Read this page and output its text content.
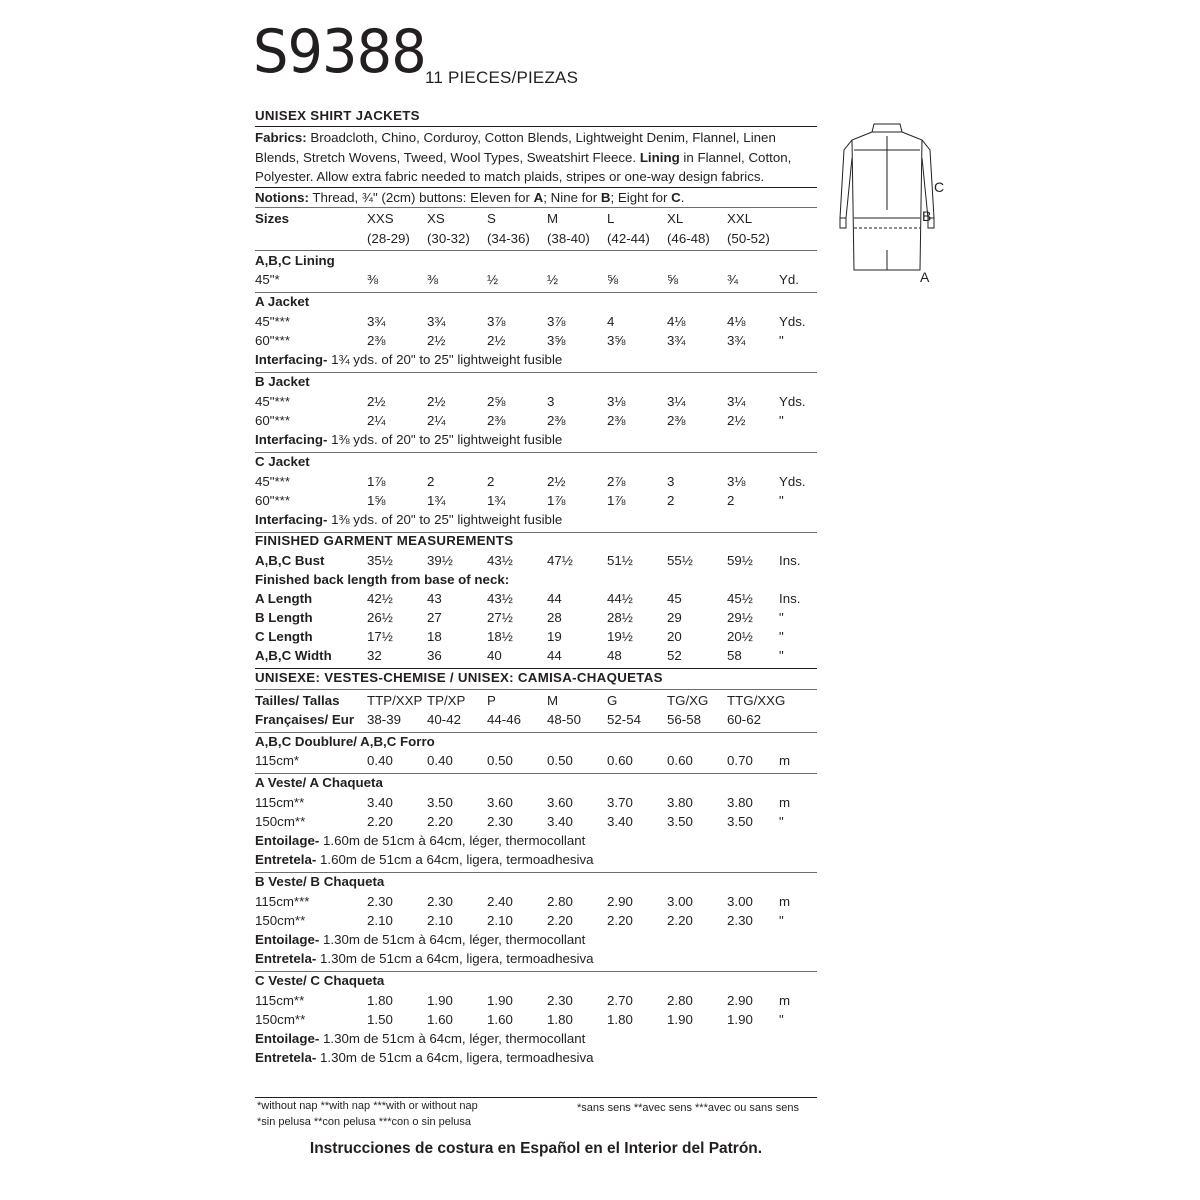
S9388 11 PIECES/PIEZAS
UNISEX SHIRT JACKETS
Fabrics: Broadcloth, Chino, Corduroy, Cotton Blends, Lightweight Denim, Flannel, Linen Blends, Stretch Wovens, Tweed, Wool Types, Sweatshirt Fleece. Lining in Flannel, Cotton, Polyester. Allow extra fabric needed to match plaids, stripes or one-way design fabrics.
Notions: Thread, ¾" (2cm) buttons: Eleven for A; Nine for B; Eight for C.
Sizes	XXS	XS	S	M	L	XL	XXL
(28-29) (30-32) (34-36) (38-40) (42-44) (46-48) (50-52)
A,B,C Lining
45"*	⅜	⅜	½	½	⅝	⅝	¾	Yd.
A Jacket
45"***	3¾	3¾	3⅞	3⅞	4	4⅛	4⅛	Yds.
60"***	2⅜	2½	2½	3⅝	3⅝	3¾	3¾	"
Interfacing- 1¾ yds. of 20" to 25" lightweight fusible
B Jacket
45"***	2½	2½	2⅝	3	3⅛	3¼	3¼	Yds.
60"***	2¼	2¼	2⅜	2⅜	2⅜	2⅜	2½	"
Interfacing- 1⅜ yds. of 20" to 25" lightweight fusible
C Jacket
45"***	1⅞	2	2	2½	2⅞	3	3⅛	Yds.
60"***	1⅝	1¾	1¾	1⅞	1⅞	2	2	"
Interfacing- 1⅜ yds. of 20" to 25" lightweight fusible
FINISHED GARMENT MEASUREMENTS
A,B,C Bust	35½	39½	43½	47½	51½	55½	59½ Ins.
Finished back length from base of neck:
A Length	42½	43	43½	44	44½	45	45½ Ins.
B Length	26½	27	27½	28	28½	29	29½ "
C Length	17½	18	18½	19	19½	20	20½ "
A,B,C Width	32	36	40	44	48	52	58	"
UNISEXE: VESTES-CHEMISE / UNISEX: CAMISA-CHAQUETAS
Tailles/ Tallas TTP/XXP TP/XP P	M	G	TG/XG TTG/XXG
Françaises/ Eur 38-39 40-42 44-46 48-50 52-54 56-58 60-62
A,B,C Doublure/ A,B,C Forro
115cm*	0.40	0.40	0.50	0.50	0.60	0.60	0.70 m
A Veste/ A Chaqueta
115cm**	3.40	3.50	3.60	3.60	3.70	3.80	3.80 m
150cm**	2.20	2.20	2.30	3.40	3.40	3.50	3.50 "
Entoilage- 1.60m de 51cm à 64cm, léger, thermocollant
Entretela- 1.60m de 51cm a 64cm, ligera, termoadhesiva
B Veste/ B Chaqueta
115cm***	2.30	2.30	2.40	2.80	2.90	3.00	3.00 m
150cm**	2.10	2.10	2.10	2.20	2.20	2.20	2.30 "
Entoilage- 1.30m de 51cm à 64cm, léger, thermocollant
Entretela- 1.30m de 51cm a 64cm, ligera, termoadhesiva
C Veste/ C Chaqueta
115cm**	1.80	1.90	1.90	2.30	2.70	2.80	2.90 m
150cm**	1.50	1.60	1.60	1.80	1.80	1.90	1.90 "
Entoilage- 1.30m de 51cm à 64cm, léger, thermocollant
Entretela- 1.30m de 51cm a 64cm, ligera, termoadhesiva
*without nap **with nap ***with or without nap
*sin pelusa **con pelusa ***con o sin pelusa
*sans sens **avec sens ***avec ou sans sens
Instrucciones de costura en Español en el Interior del Patrón.
C
B
A
